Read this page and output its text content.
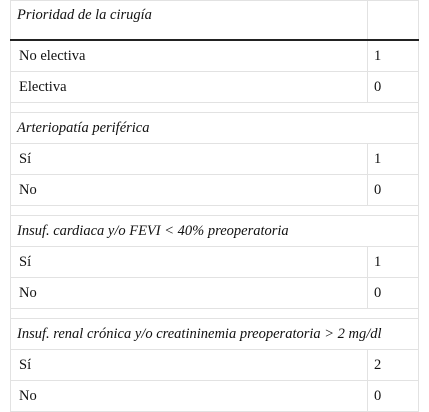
Prioridad de la cirugía	
No electiva	1
Electiva	0

Arteriopatía periférica	
Sí	1
No	0

Insuf. cardiaca y/o FEVI < 40% preoperatoria	
Sí	1
No	0

Insuf. renal crónica y/o creatininemia preoperatoria > 2 mg/dl	
Sí	2
No	0
